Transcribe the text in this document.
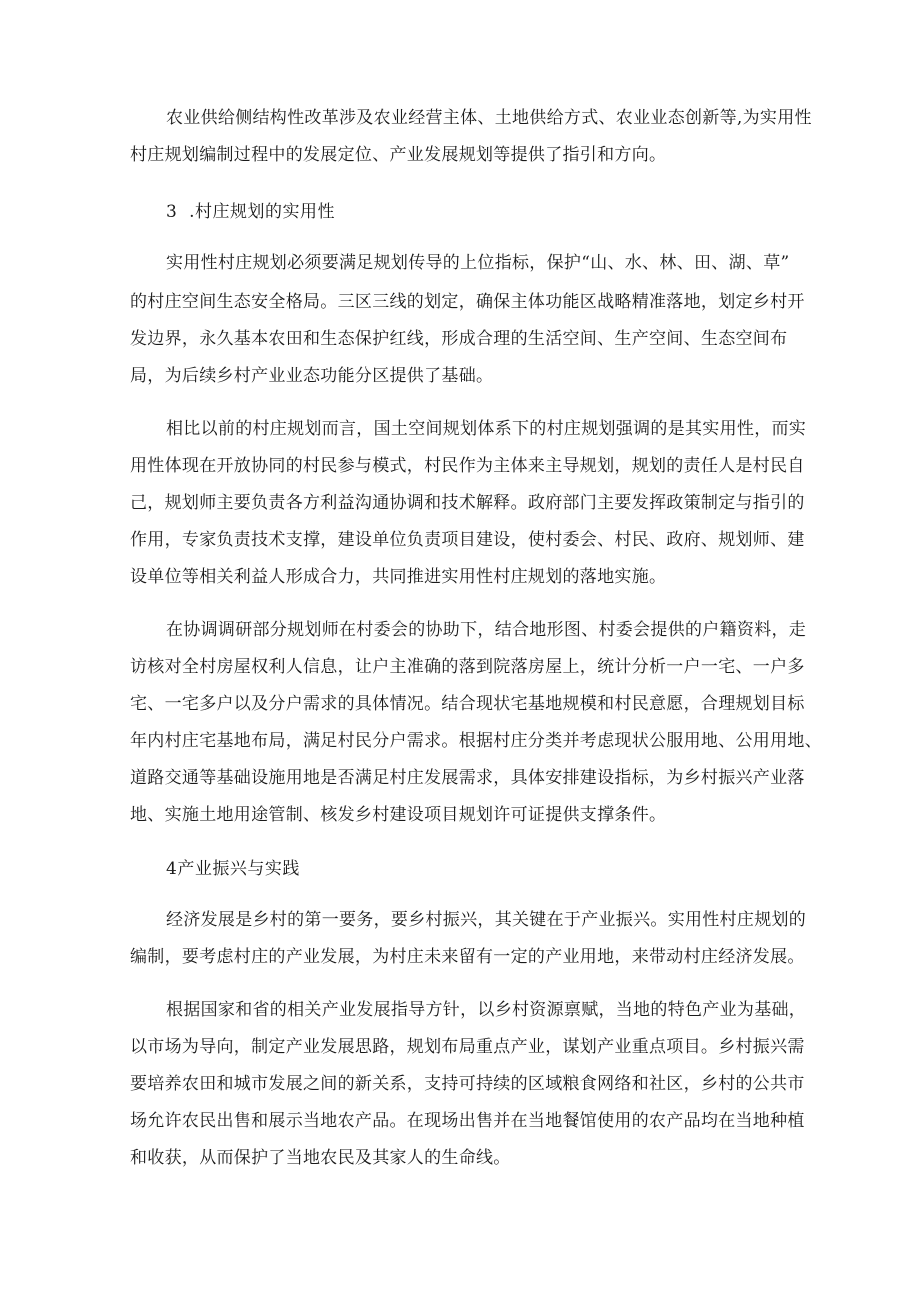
农业供给侧结构性改革涉及农业经营主体、土地供给方式、农业业态创新等,为实用性
村庄规划编制过程中的发展定位、产业发展规划等提供了指引和方向。
3  .村庄规划的实用性
实用性村庄规划必须要满足规划传导的上位指标，保护“山、水、林、田、湖、草”
的村庄空间生态安全格局。三区三线的划定，确保主体功能区战略精准落地，划定乡村开
发边界，永久基本农田和生态保护红线，形成合理的生活空间、生产空间、生态空间布
局，为后续乡村产业业态功能分区提供了基础。
相比以前的村庄规划而言，国土空间规划体系下的村庄规划强调的是其实用性，而实
用性体现在开放协同的村民参与模式，村民作为主体来主导规划，规划的责任人是村民自
己，规划师主要负责各方利益沟通协调和技术解释。政府部门主要发挥政策制定与指引的
作用，专家负责技术支撑，建设单位负责项目建设，使村委会、村民、政府、规划师、建
设单位等相关利益人形成合力，共同推进实用性村庄规划的落地实施。
在协调调研部分规划师在村委会的协助下，结合地形图、村委会提供的户籍资料，走
访核对全村房屋权利人信息，让户主准确的落到院落房屋上，统计分析一户一宅、一户多
宅、一宅多户以及分户需求的具体情况。结合现状宅基地规模和村民意愿，合理规划目标
年内村庄宅基地布局，满足村民分户需求。根据村庄分类并考虑现状公服用地、公用用地、
道路交通等基础设施用地是否满足村庄发展需求，具体安排建设指标，为乡村振兴产业落
地、实施土地用途管制、核发乡村建设项目规划许可证提供支撑条件。
4产业振兴与实践
经济发展是乡村的第一要务，要乡村振兴，其关键在于产业振兴。实用性村庄规划的
编制，要考虑村庄的产业发展，为村庄未来留有一定的产业用地，来带动村庄经济发展。
根据国家和省的相关产业发展指导方针，以乡村资源禀赋，当地的特色产业为基础，
以市场为导向，制定产业发展思路，规划布局重点产业，谋划产业重点项目。乡村振兴需
要培养农田和城市发展之间的新关系，支持可持续的区域粮食网络和社区，乡村的公共市
场允许农民出售和展示当地农产品。在现场出售并在当地餐馆使用的农产品均在当地种植
和收获，从而保护了当地农民及其家人的生命线。
